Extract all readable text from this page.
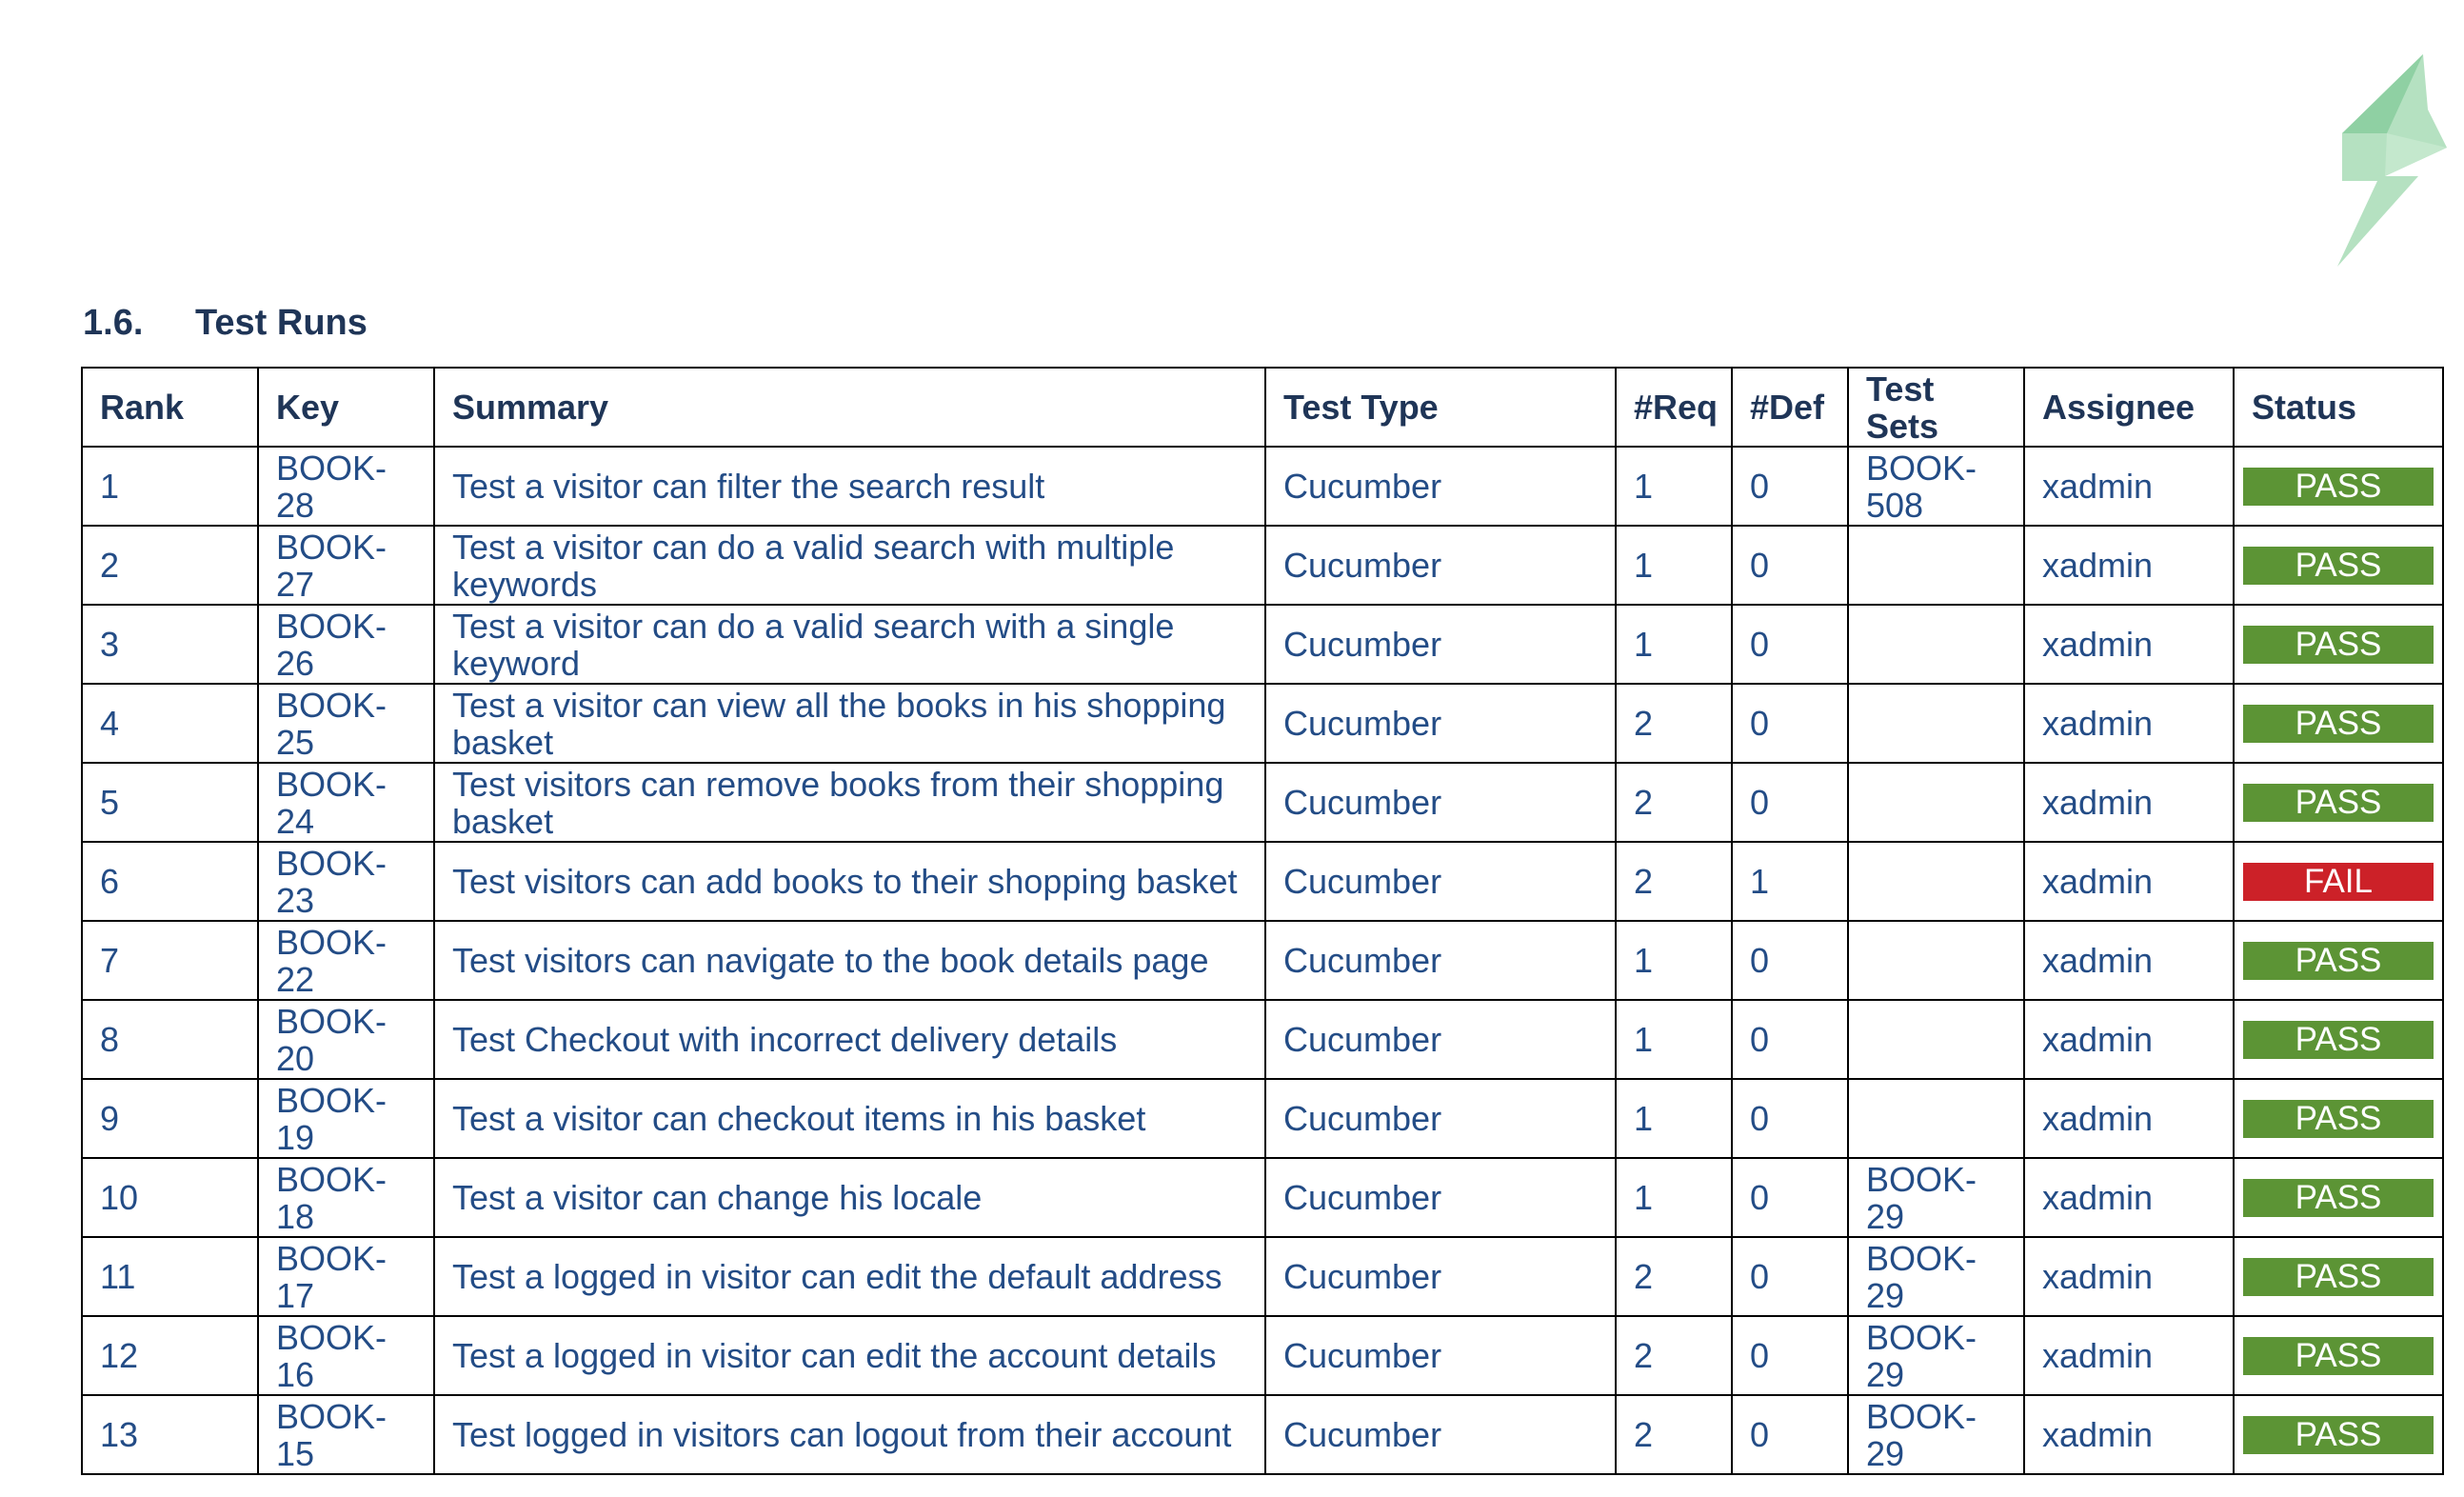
1.6. Test Runs
Rank	Key	Summary	Test Type	#Req	#Def	Test Sets	Assignee	Status
1	BOOK-28	Test a visitor can filter the search result	Cucumber	1	0	BOOK-508	xadmin	PASS

2	BOOK-27	Test a visitor can do a valid search with multiple keywords	Cucumber	1	0		xadmin	PASS

3	BOOK-26	Test a visitor can do a valid search with a single keyword	Cucumber	1	0		xadmin	PASS

4	BOOK-25	Test a visitor can view all the books in his shopping basket	Cucumber	2	0		xadmin	PASS

5	BOOK-24	Test visitors can remove books from their shopping basket	Cucumber	2	0		xadmin	PASS

6	BOOK-23	Test visitors can add books to their shopping basket	Cucumber	2	1		xadmin	FAIL

7	BOOK-22	Test visitors can navigate to the book details page	Cucumber	1	0		xadmin	PASS

8	BOOK-20	Test Checkout with incorrect delivery details	Cucumber	1	0		xadmin	PASS

9	BOOK-19	Test a visitor can checkout items in his basket	Cucumber	1	0		xadmin	PASS

10	BOOK-18	Test a visitor can change his locale	Cucumber	1	0	BOOK-29	xadmin	PASS

11	BOOK-17	Test a logged in visitor can edit the default address	Cucumber	2	0	BOOK-29	xadmin	PASS

12	BOOK-16	Test a logged in visitor can edit the account details	Cucumber	2	0	BOOK-29	xadmin	PASS

13	BOOK-15	Test logged in visitors can logout from their account	Cucumber	2	0	BOOK-29	xadmin	PASS
